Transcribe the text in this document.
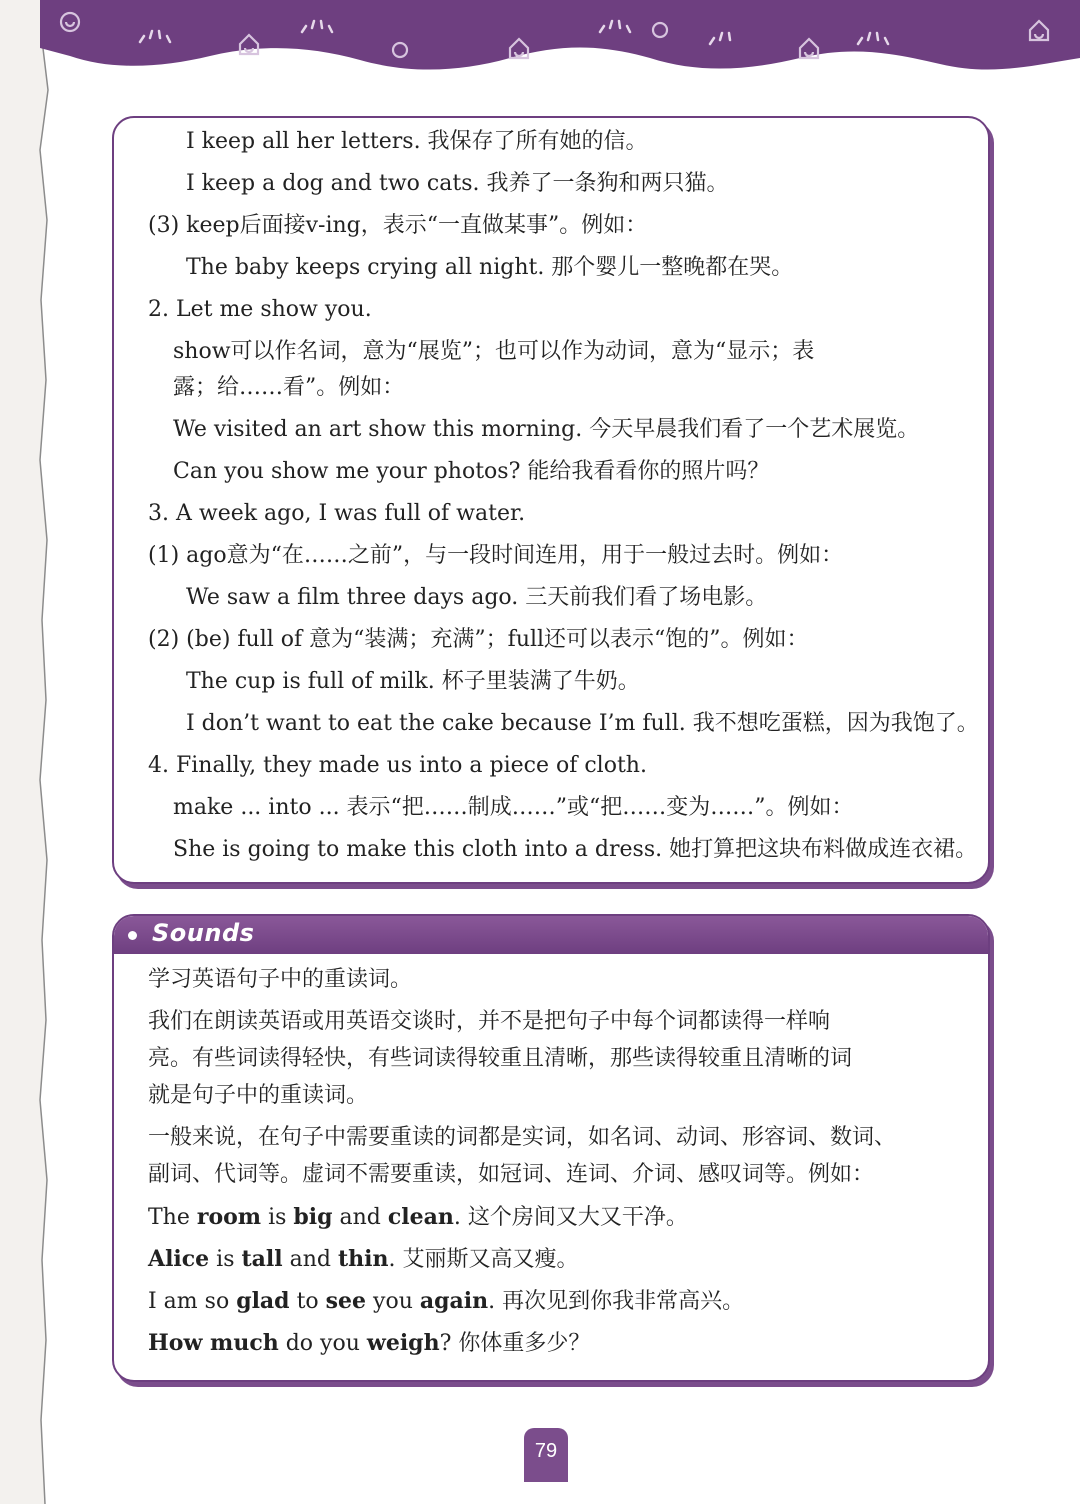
I keep all her letters. 我保存了所有她的信。
I keep a dog and two cats. 我养了一条狗和两只猫。
(3) keep后面接v-ing，表示“一直做某事”。例如：
The baby keeps crying all night. 那个婴儿一整晚都在哭。
2. Let me show you.
show可以作名词，意为“展览”；也可以作为动词，意为“显示；表
露；给……看”。例如：
We visited an art show this morning. 今天早晨我们看了一个艺术展览。
Can you show me your photos? 能给我看看你的照片吗？
3. A week ago, I was full of water.
(1) ago意为“在……之前”，与一段时间连用，用于一般过去时。例如：
We saw a film three days ago. 三天前我们看了场电影。
(2) (be) full of 意为“装满；充满”；full还可以表示“饱的”。例如：
The cup is full of milk. 杯子里装满了牛奶。
I don’t want to eat the cake because I’m full. 我不想吃蛋糕，因为我饱了。
4. Finally, they made us into a piece of cloth.
make ... into ... 表示“把……制成……”或“把……变为……”。例如：
She is going to make this cloth into a dress. 她打算把这块布料做成连衣裙。
Sounds
学习英语句子中的重读词。
我们在朗读英语或用英语交谈时，并不是把句子中每个词都读得一样响
亮。有些词读得轻快，有些词读得较重且清晰，那些读得较重且清晰的词
就是句子中的重读词。
一般来说，在句子中需要重读的词都是实词，如名词、动词、形容词、数词、
副词、代词等。虚词不需要重读，如冠词、连词、介词、感叹词等。例如：
The room is big and clean. 这个房间又大又干净。
Alice is tall and thin. 艾丽斯又高又瘦。
I am so glad to see you again. 再次见到你我非常高兴。
How much do you weigh? 你体重多少？
79
